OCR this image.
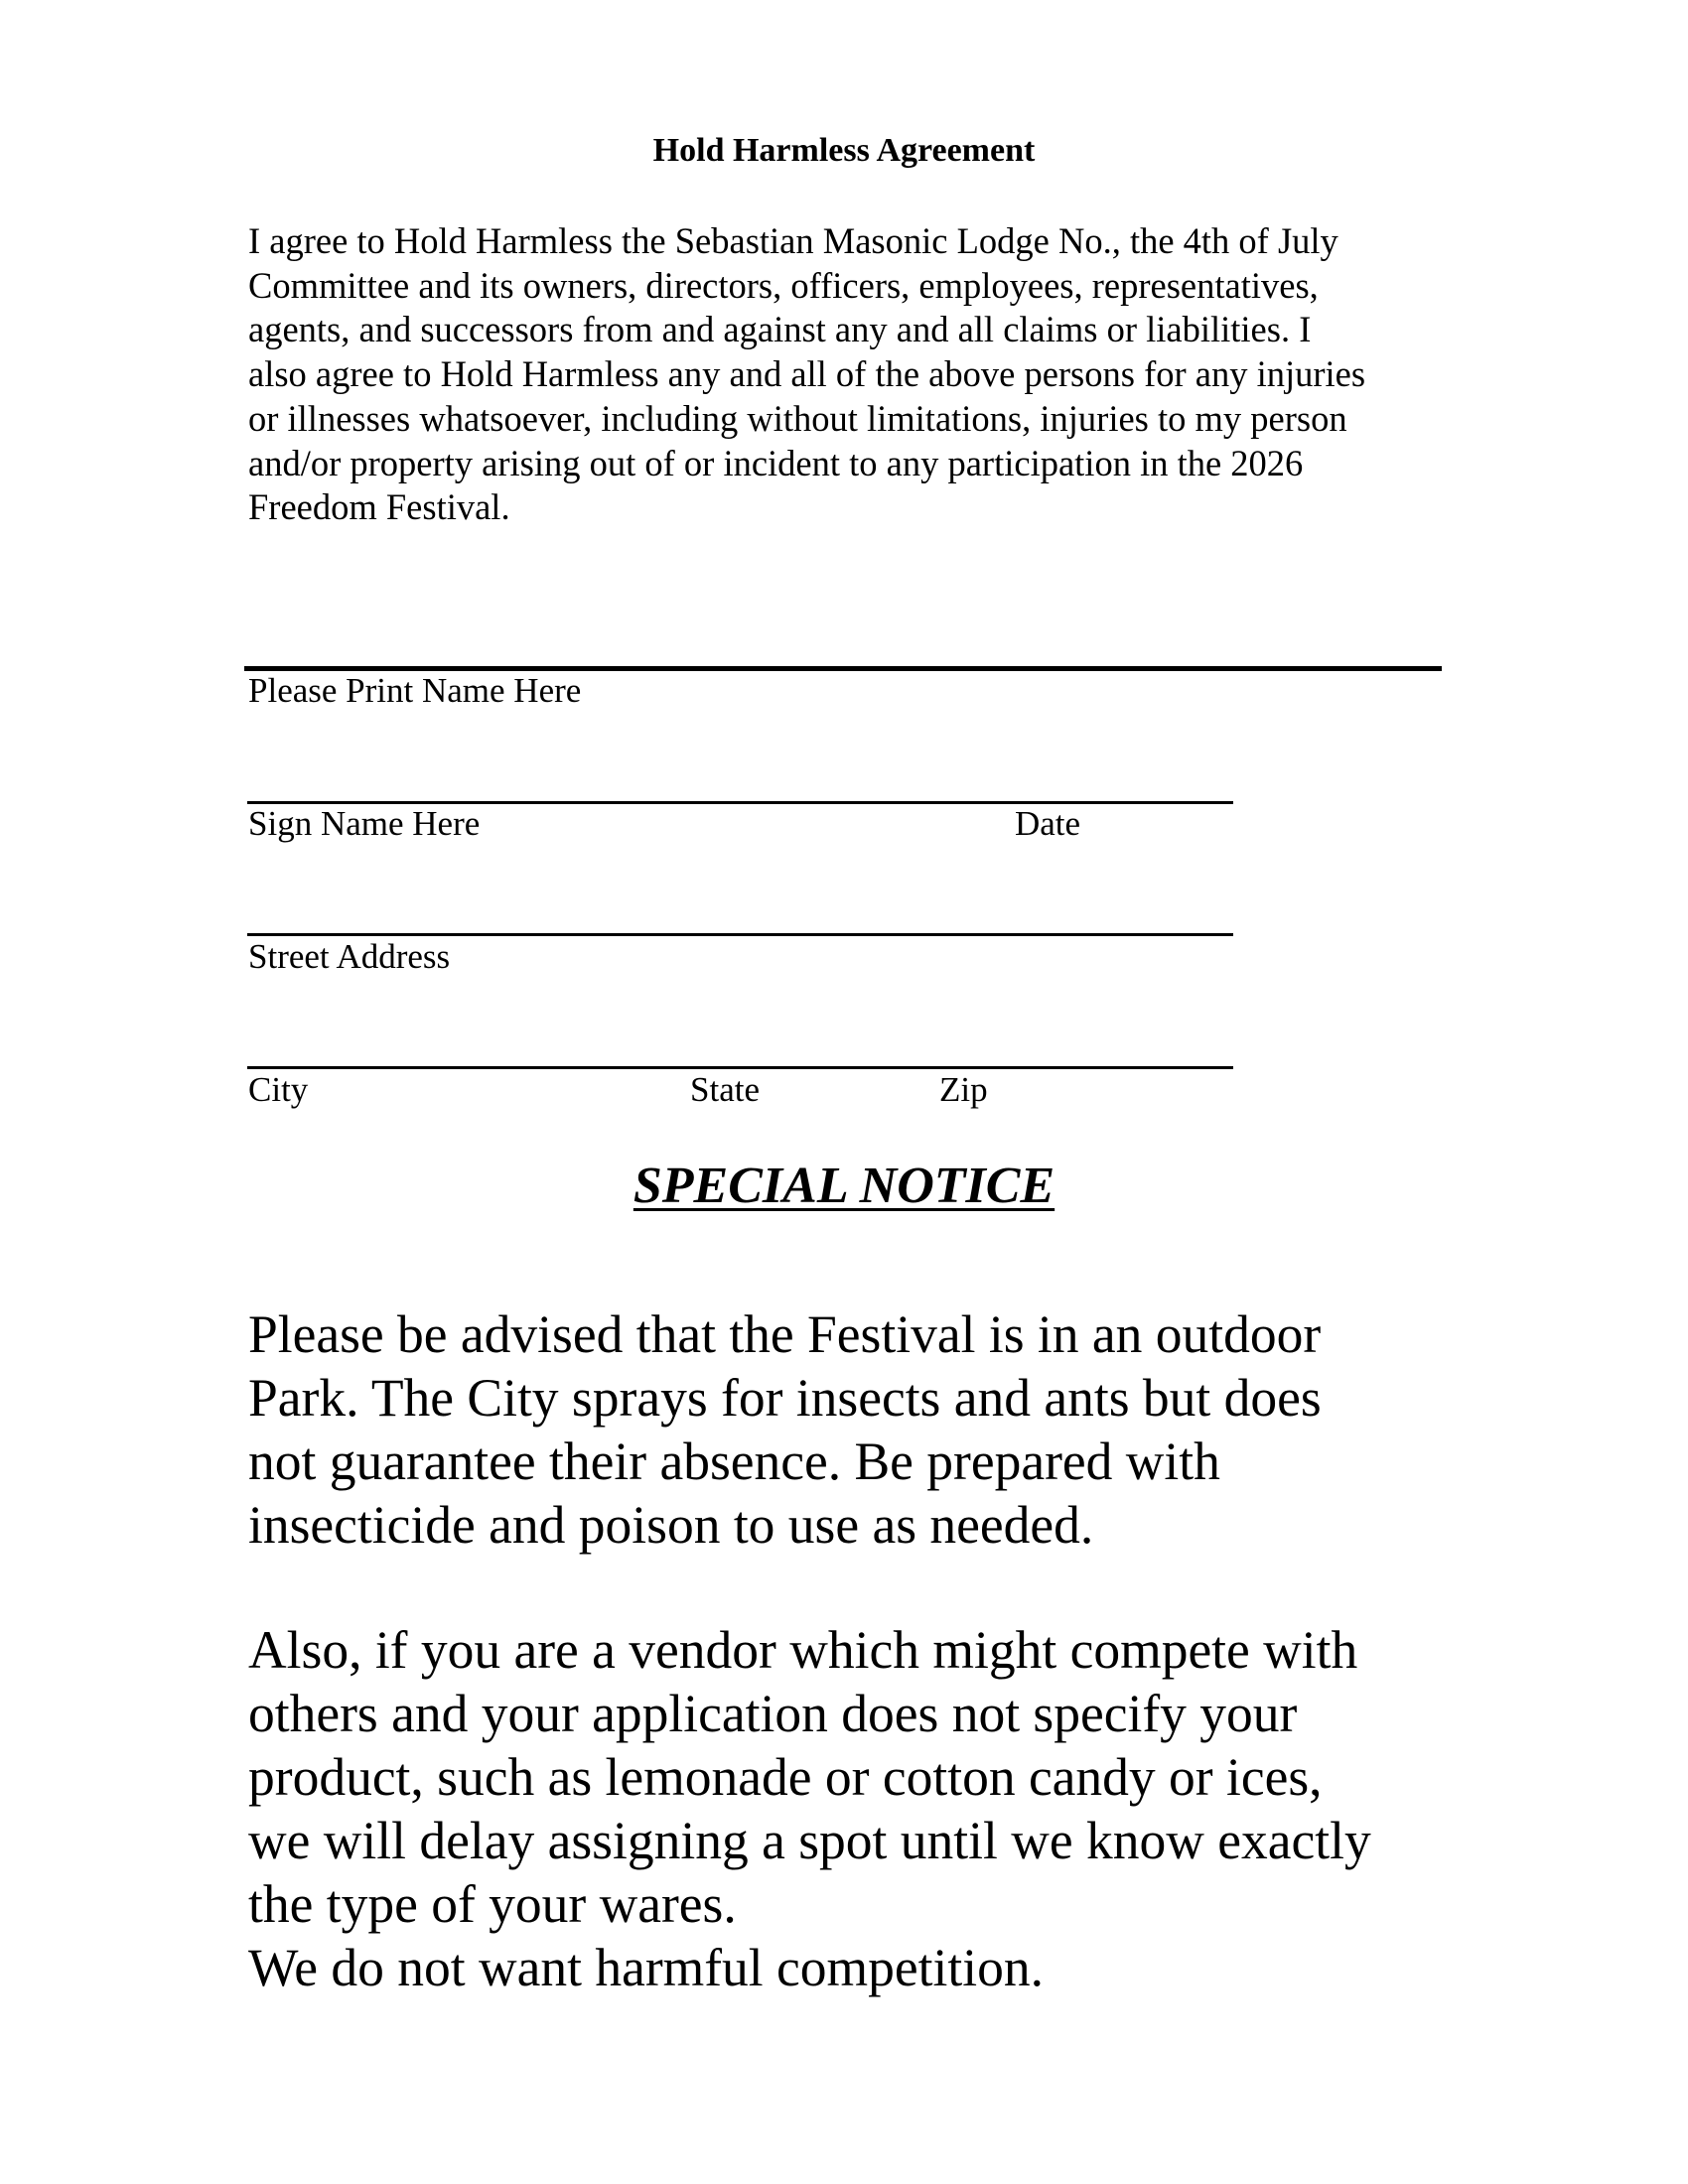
Hold Harmless Agreement
I agree to Hold Harmless the Sebastian Masonic Lodge No., the 4th of July
Committee and its owners, directors, officers, employees, representatives,
agents, and successors from and against any and all claims or liabilities. I
also agree to Hold Harmless any and all of the above persons for any injuries
or illnesses whatsoever, including without limitations, injuries to my person
and/or property arising out of or incident to any participation in the 2026
Freedom Festival.
Please Print Name Here
Sign Name Here	Date
Street Address
City	State	Zip
SPECIAL NOTICE
Please be advised that the Festival is in an outdoor
Park. The City sprays for insects and ants but does
not guarantee their absence. Be prepared with
insecticide and poison to use as needed.
Also, if you are a vendor which might compete with
others and your application does not specify your
product, such as lemonade or cotton candy or ices,
we will delay assigning a spot until we know exactly
the type of your wares.
We do not want harmful competition.
